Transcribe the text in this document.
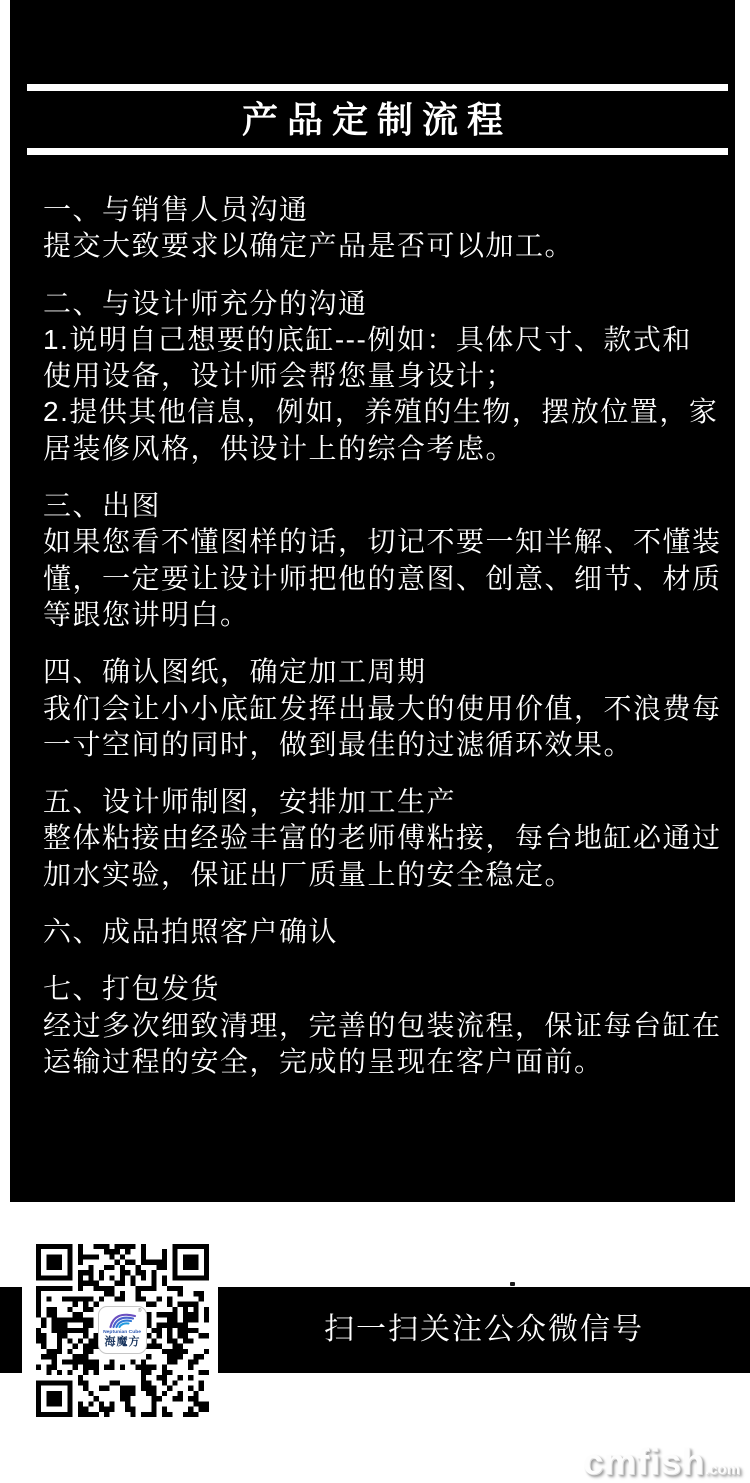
产品定制流程
一、与销售人员沟通
提交大致要求以确定产品是否可以加工。
二、与设计师充分的沟通
1.说明自己想要的底缸---例如：具体尺寸、款式和
使用设备，设计师会帮您量身设计；
2.提供其他信息，例如，养殖的生物，摆放位置，家
居装修风格，供设计上的综合考虑。
三、出图
如果您看不懂图样的话，切记不要一知半解、不懂装
懂，一定要让设计师把他的意图、创意、细节、材质
等跟您讲明白。
四、确认图纸，确定加工周期
我们会让小小底缸发挥出最大的使用价值，不浪费每
一寸空间的同时，做到最佳的过滤循环效果。
五、设计师制图，安排加工生产
整体粘接由经验丰富的老师傅粘接，每台地缸必通过
加水实验，保证出厂质量上的安全稳定。
六、成品拍照客户确认
七、打包发货
经过多次细致清理，完善的包装流程，保证每台缸在
运输过程的安全，完成的呈现在客户面前。
®
Neptunian Cube
海魔方	扫一扫关注公众微信号
cmfish.com
